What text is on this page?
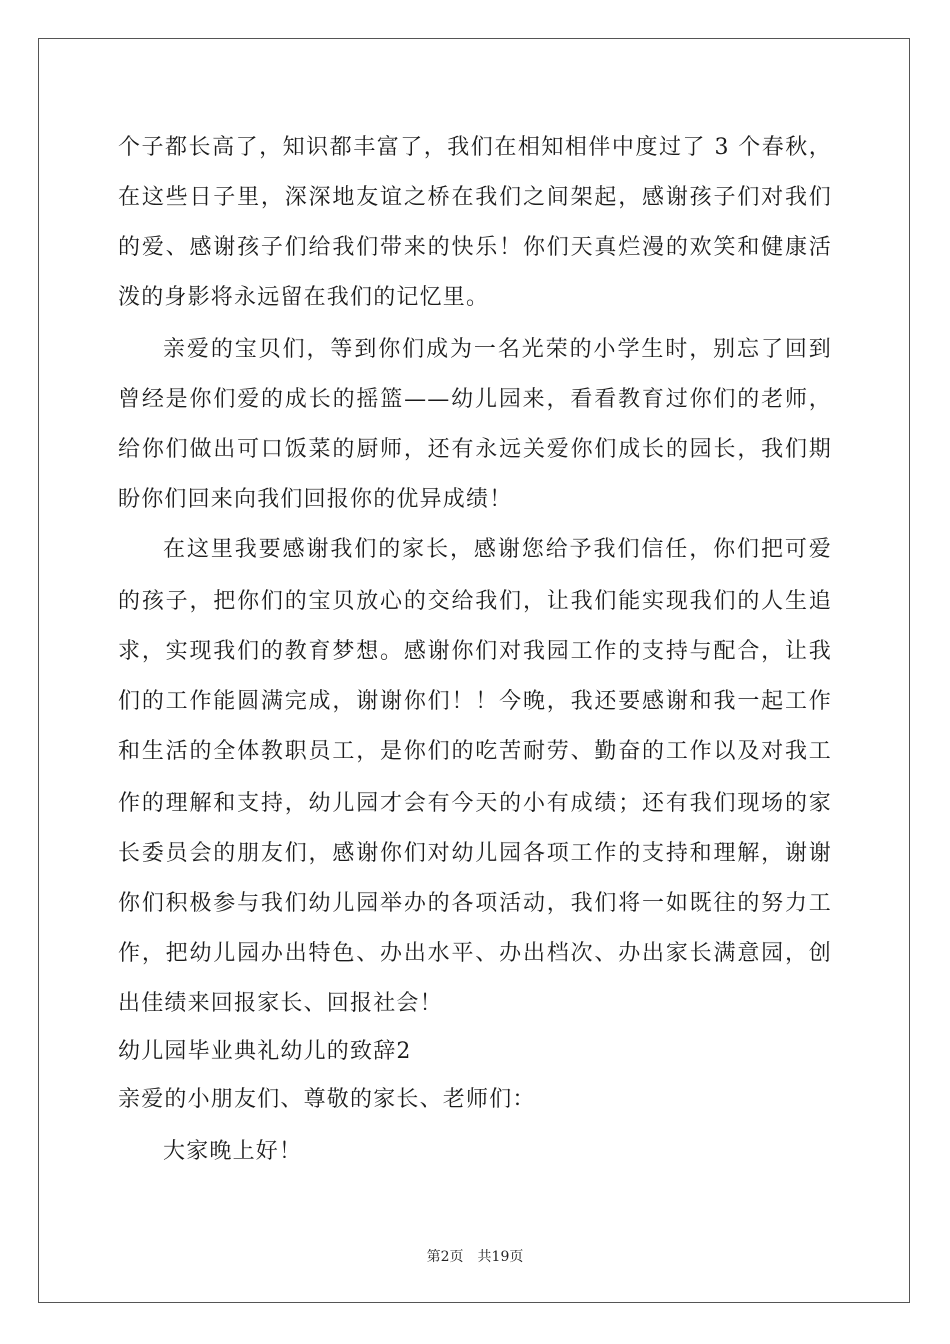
个子都长高了，知识都丰富了，我们在相知相伴中度过了 3 个春秋，
在这些日子里，深深地友谊之桥在我们之间架起，感谢孩子们对我们
的爱、感谢孩子们给我们带来的快乐！你们天真烂漫的欢笑和健康活
泼的身影将永远留在我们的记忆里。
亲爱的宝贝们，等到你们成为一名光荣的小学生时，别忘了回到
曾经是你们爱的成长的摇篮——幼儿园来，看看教育过你们的老师，
给你们做出可口饭菜的厨师，还有永远关爱你们成长的园长，我们期
盼你们回来向我们回报你的优异成绩！
在这里我要感谢我们的家长，感谢您给予我们信任，你们把可爱
的孩子，把你们的宝贝放心的交给我们，让我们能实现我们的人生追
求，实现我们的教育梦想。感谢你们对我园工作的支持与配合，让我
们的工作能圆满完成，谢谢你们！！今晚，我还要感谢和我一起工作
和生活的全体教职员工，是你们的吃苦耐劳、勤奋的工作以及对我工
作的理解和支持，幼儿园才会有今天的小有成绩；还有我们现场的家
长委员会的朋友们，感谢你们对幼儿园各项工作的支持和理解，谢谢
你们积极参与我们幼儿园举办的各项活动，我们将一如既往的努力工
作，把幼儿园办出特色、办出水平、办出档次、办出家长满意园，创
出佳绩来回报家长、回报社会！
幼儿园毕业典礼幼儿的致辞2
亲爱的小朋友们、尊敬的家长、老师们：
大家晚上好！
第2页　共19页
